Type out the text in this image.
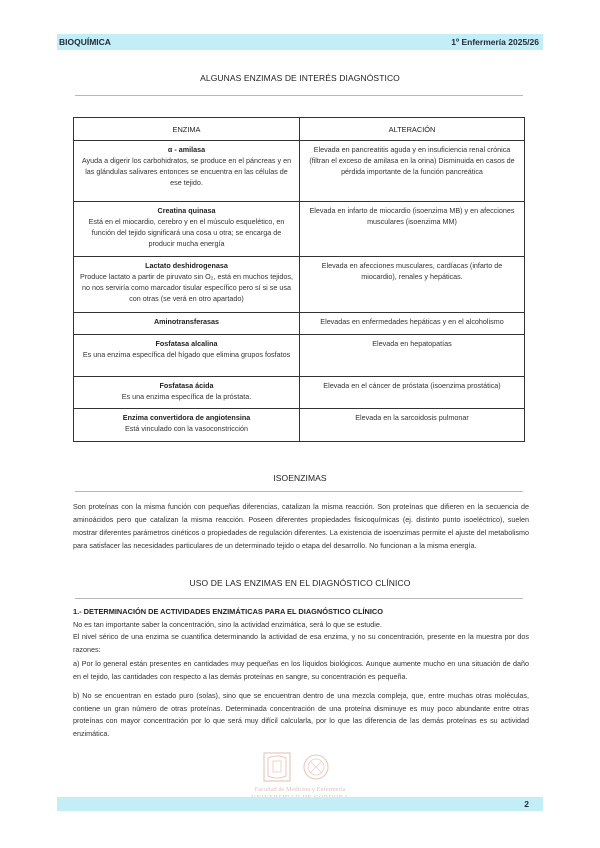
BIOQUÍMICA	1º Enfermería 2025/26
ALGUNAS ENZIMAS DE INTERÉS DIAGNÓSTICO
ENZIMA	ALTERACIÓN

α - amilasa
Ayuda a digerir los carbohidratos, se produce en el páncreas y en las glándulas salivares entonces se encuentra en las células de ese tejido.	Elevada en pancreatitis aguda y en insuficiencia renal crónica (filtran el exceso de amilasa en la orina) Disminuida en casos de pérdida importante de la función pancreática

Creatina quinasa
Está en el miocardio, cerebro y en el músculo esquelético, en función del tejido significará una cosa u otra; se encarga de producir mucha energía	Elevada en infarto de miocardio (isoenzima MB) y en afecciones musculares (isoenzima MM)

Lactato deshidrogenasa
Produce lactato a partir de piruvato sin O₂, está en muchos tejidos, no nos serviría como marcador tisular específico pero sí si se usa con otras (se verá en otro apartado)	Elevada en afecciones musculares, cardíacas (infarto de miocardio), renales y hepáticas.

Aminotransferasas	Elevadas en enfermedades hepáticas y en el alcoholismo

Fosfatasa alcalina
Es una enzima específica del hígado que elimina grupos fosfatos	Elevada en hepatopatías

Fosfatasa ácida
Es una enzima específica de la próstata.	Elevada en el cáncer de próstata (isoenzima prostática)

Enzima convertidora de angiotensina
Está vinculado con la vasoconstricción	Elevada en la sarcoidosis pulmonar
ISOENZIMAS
Son proteínas con la misma función con pequeñas diferencias, catalizan la misma reacción. Son proteínas que difieren en la secuencia de aminoácidos pero que catalizan la misma reacción. Poseen diferentes propiedades fisicoquímicas (ej. distinto punto isoeléctrico), suelen mostrar diferentes parámetros cinéticos o propiedades de regulación diferentes. La existencia de isoenzimas permite el ajuste del metabolismo para satisfacer las necesidades particulares de un determinado tejido o etapa del desarrollo. No funcionan a la misma energía.
USO DE LAS ENZIMAS EN EL DIAGNÓSTICO CLÍNICO
1.- DETERMINACIÓN DE ACTIVIDADES ENZIMÁTICAS PARA EL DIAGNÓSTICO CLÍNICO
No es tan importante saber la concentración, sino la actividad enzimática, será lo que se estudie.
El nivel sérico de una enzima se cuantifica determinando la actividad de esa enzima, y no su concentración, presente en la muestra por dos razones:
a) Por lo general están presentes en cantidades muy pequeñas en los líquidos biológicos. Aunque aumente mucho en una situación de daño en el tejido, las cantidades con respecto a las demás proteínas en sangre, su concentración es pequeña.
b) No se encuentran en estado puro (solas), sino que se encuentran dentro de una mezcla compleja, que, entre muchas otras moléculas, contiene un gran número de otras proteínas. Determinada concentración de una proteína disminuye es muy poco abundante entre otras proteínas con mayor concentración por lo que será muy difícil calcularla, por lo que las diferencia de las demás proteínas es su actividad enzimática.
Facultad de Medicina y Enfermería
2
